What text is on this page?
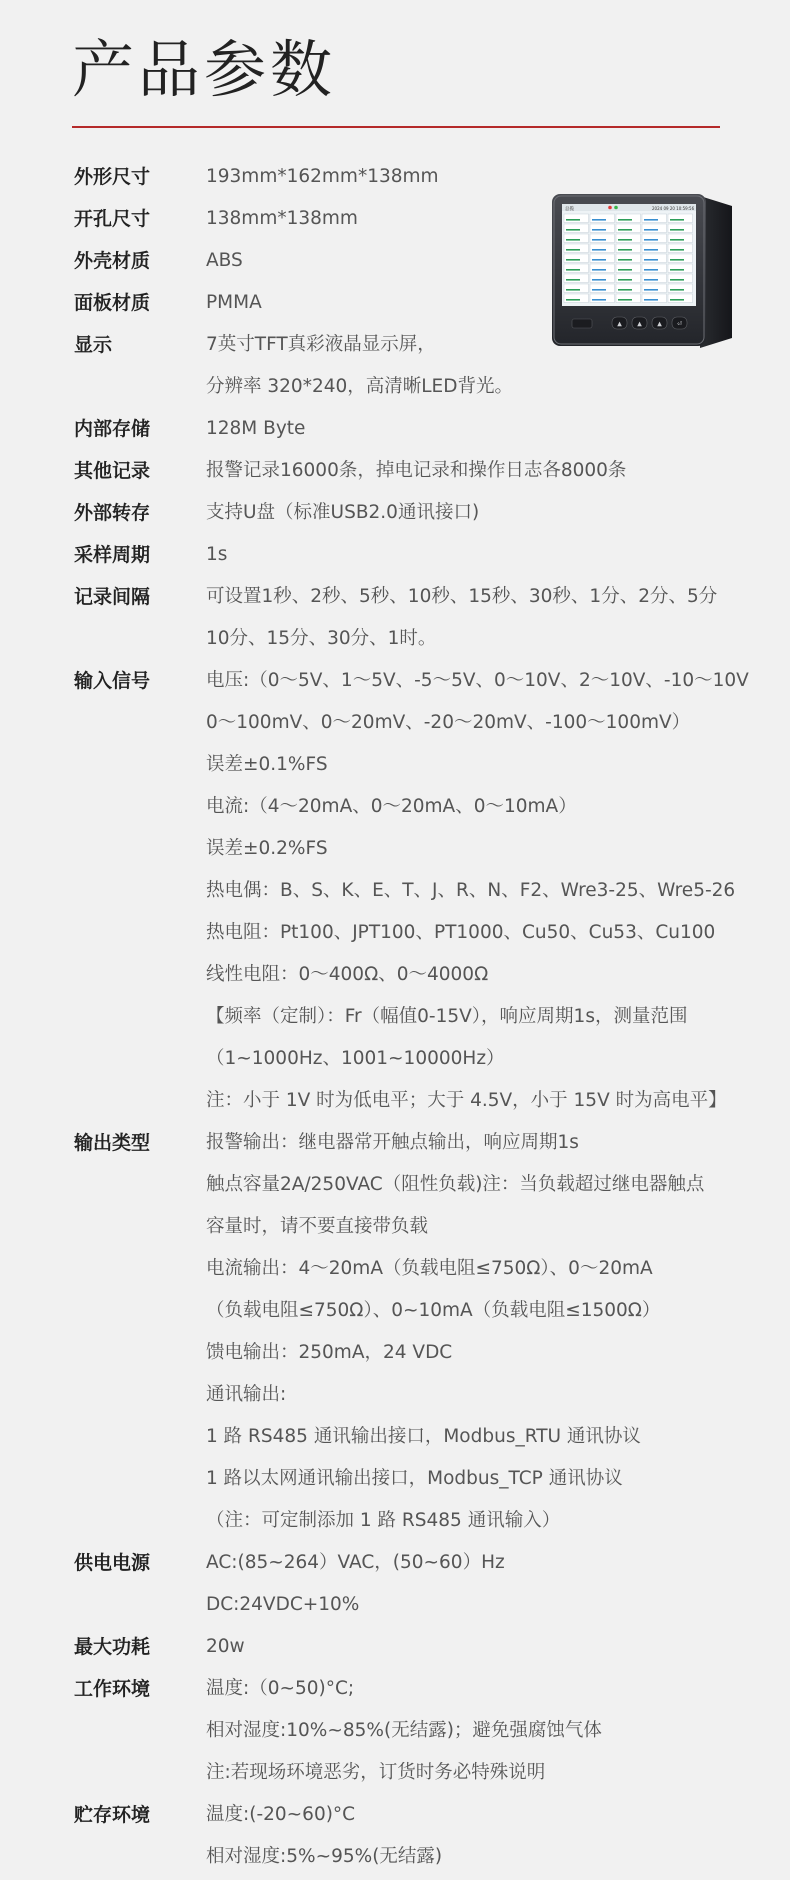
产品参数
外形尺寸	193mm*162mm*138mm
开孔尺寸	138mm*138mm
外壳材质	ABS
面板材质	PMMA
显示	7英寸TFT真彩液晶显示屏，
分辨率 320*240，高清晰LED背光。
内部存储	128M Byte
其他记录	报警记录16000条，掉电记录和操作日志各8000条
外部转存	支持U盘（标准USB2.0通讯接口)
采样周期	1s
记录间隔	可设置1秒、2秒、5秒、10秒、15秒、30秒、1分、2分、5分
10分、15分、30分、1时。
输入信号	电压:（0～5V、1～5V、-5～5V、0～10V、2～10V、-10～10V
0～100mV、0～20mV、-20～20mV、-100～100mV）
误差±0.1%FS
电流:（4～20mA、0～20mA、0～10mA）
误差±0.2%FS
热电偶：B、S、K、E、T、J、R、N、F2、Wre3-25、Wre5-26
热电阻：Pt100、JPT100、PT1000、Cu50、Cu53、Cu100
线性电阻：0～400Ω、0～4000Ω
【频率（定制）：Fr（幅值0-15V），响应周期1s，测量范围
（1~1000Hz、1001~10000Hz）
注：小于 1V 时为低电平；大于 4.5V，小于 15V 时为高电平】
输出类型	报警输出：继电器常开触点输出，响应周期1s
触点容量2A/250VAC（阻性负载)注：当负载超过继电器触点
容量时，请不要直接带负载
电流输出：4～20mA（负载电阻≤750Ω）、0～20mA
（负载电阻≤750Ω）、0~10mA（负载电阻≤1500Ω）
馈电输出：250mA，24 VDC
通讯输出:
1 路 RS485 通讯输出接口，Modbus_RTU 通讯协议
1 路以太网通讯输出接口，Modbus_TCP 通讯协议
（注：可定制添加 1 路 RS485 通讯输入）
供电电源	AC:(85~264）VAC，(50~60）Hz
DC:24VDC+10%
最大功耗	20w
工作环境	温度:（0~50)°C;
相对湿度:10%~85%(无结露)；避免强腐蚀气体
注:若现场环境恶劣，订货时务必特殊说明
贮存环境	温度:(-20~60)°C
相对湿度:5%~95%(无结露)
总揽	2024 09 20 10:59:56
▲	▲	▲	⏎
